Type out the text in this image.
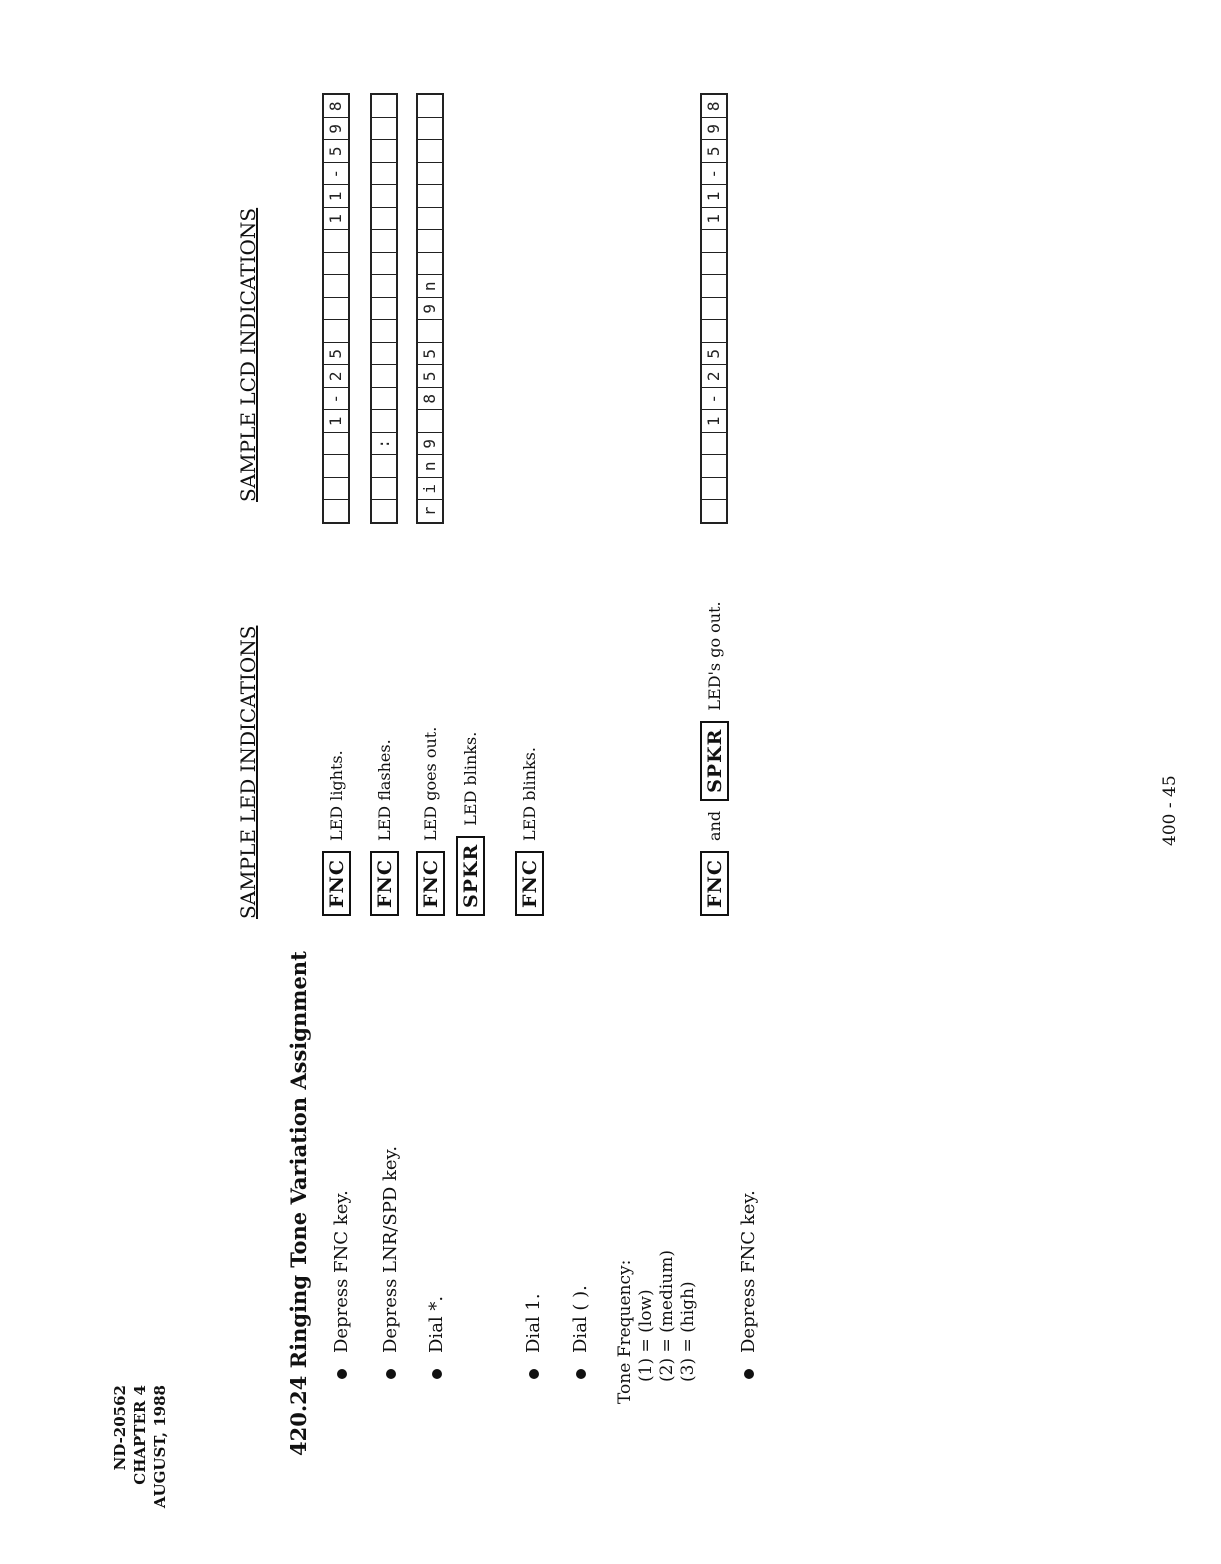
ND-20562 CHAPTER 4 AUGUST, 1988	420.24 Ringing Tone Variation Assignment
SAMPLE LED INDICATIONS
SAMPLE LCD INDICATIONS
Depress FNC key. Depress LNR/SPD key. Dial *.	Dial 1. Dial ( ). Tone Frequency: (1) = (low) (2) = (medium) (3) = (high) Depress FNC key.
FNC
LED lights.
FNC
LED flashes.
FNC
LED goes out.
SPKR
LED blinks.
FNC
LED blinks.
FNC
and
SPKR
LED's go out.
1
-
2
5
1
1
-
5
9
8
:
r
i
n
9
8
5
5
9
n
1
-
2
5
1
1
-
5
9
8
400 - 45
